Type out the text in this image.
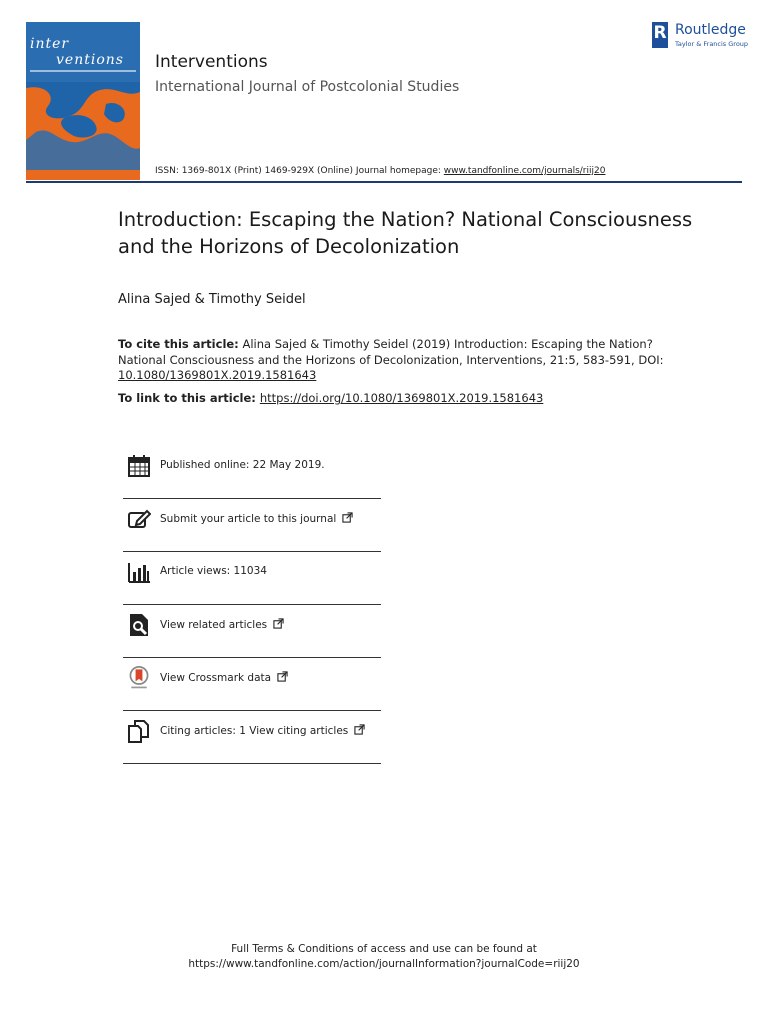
inter
ventions Interventions
International Journal of Postcolonial Studies
R Routledge
Taylor & Francis Group
ISSN: 1369-801X (Print) 1469-929X (Online) Journal homepage: www.tandfonline.com/journals/riij20
Introduction: Escaping the Nation? National Consciousness and the Horizons of Decolonization
Alina Sajed & Timothy Seidel
To cite this article: Alina Sajed & Timothy Seidel (2019) Introduction: Escaping the Nation? National Consciousness and the Horizons of Decolonization, Interventions, 21:5, 583-591, DOI: 10.1080/1369801X.2019.1581643
To link to this article: https://doi.org/10.1080/1369801X.2019.1581643
Published online: 22 May 2019.
Submit your article to this journal
Article views: 11034
View related articles
View Crossmark data
Citing articles: 1 View citing articles
Full Terms & Conditions of access and use can be found at
https://www.tandfonline.com/action/journalInformation?journalCode=riij20
